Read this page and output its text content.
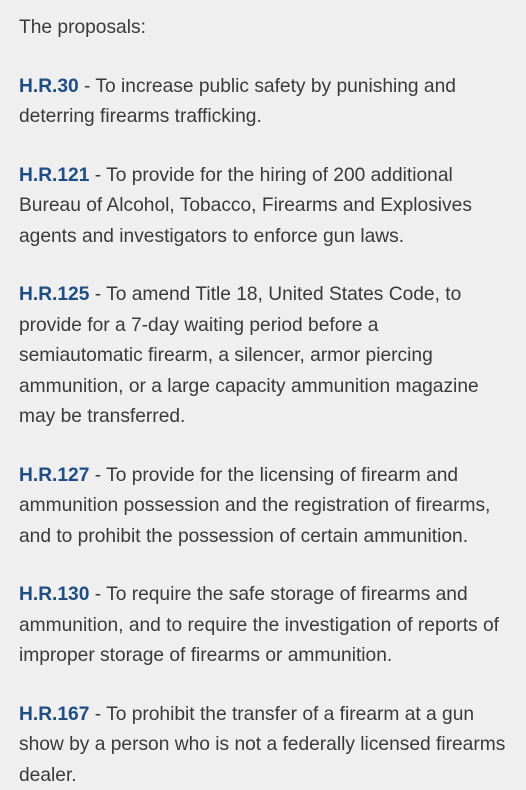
The proposals:

H.R.30 - To increase public safety by punishing and deterring firearms trafficking.

H.R.121 - To provide for the hiring of 200 additional Bureau of Alcohol, Tobacco, Firearms and Explosives agents and investigators to enforce gun laws.

H.R.125 - To amend Title 18, United States Code, to provide for a 7-day waiting period before a semiautomatic firearm, a silencer, armor piercing ammunition, or a large capacity ammunition magazine may be transferred.

H.R.127 - To provide for the licensing of firearm and ammunition possession and the registration of firearms, and to prohibit the possession of certain ammunition.

H.R.130 - To require the safe storage of firearms and ammunition, and to require the investigation of reports of improper storage of firearms or ammunition.

H.R.167 - To prohibit the transfer of a firearm at a gun show by a person who is not a federally licensed firearms dealer.
